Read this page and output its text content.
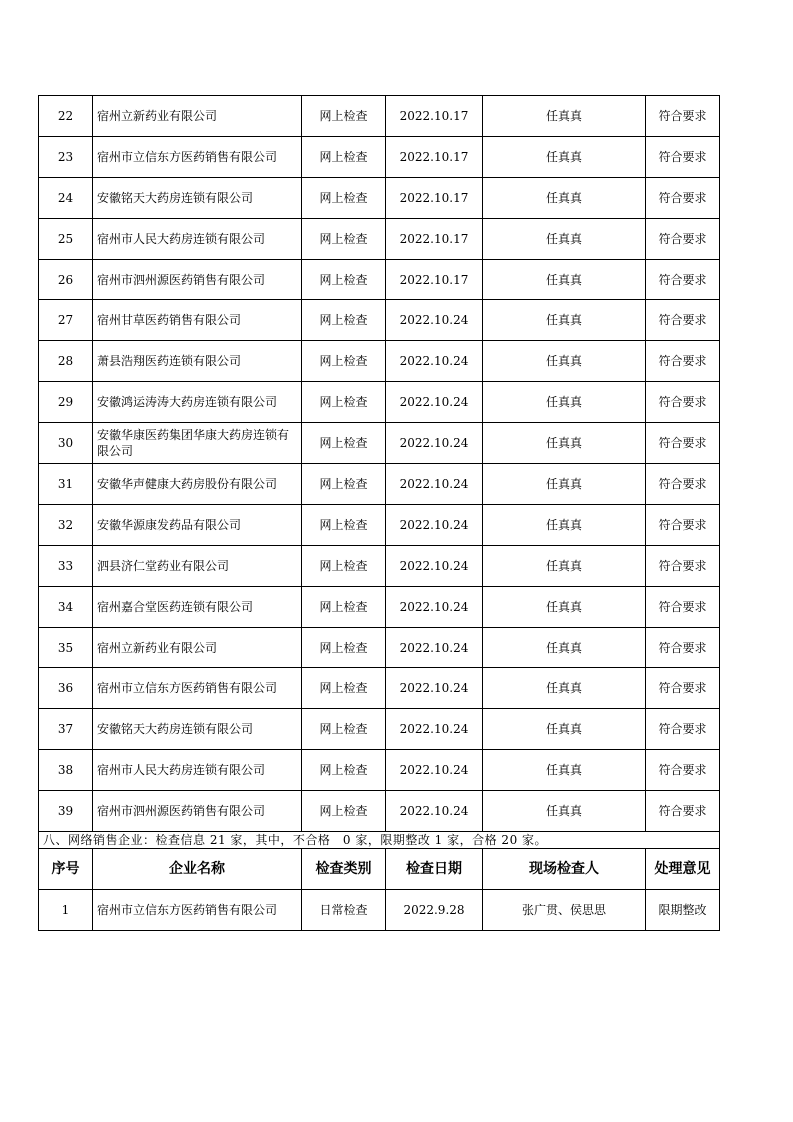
22	宿州立新药业有限公司	网上检查	2022.10.17	任真真	符合要求
23	宿州市立信东方医药销售有限公司	网上检查	2022.10.17	任真真	符合要求
24	安徽铭天大药房连锁有限公司	网上检查	2022.10.17	任真真	符合要求
25	宿州市人民大药房连锁有限公司	网上检查	2022.10.17	任真真	符合要求
26	宿州市泗州源医药销售有限公司	网上检查	2022.10.17	任真真	符合要求
27	宿州甘草医药销售有限公司	网上检查	2022.10.24	任真真	符合要求
28	萧县浩翔医药连锁有限公司	网上检查	2022.10.24	任真真	符合要求
29	安徽鸿运涛涛大药房连锁有限公司	网上检查	2022.10.24	任真真	符合要求
30	安徽华康医药集团华康大药房连锁有限公司	网上检查	2022.10.24	任真真	符合要求
31	安徽华声健康大药房股份有限公司	网上检查	2022.10.24	任真真	符合要求
32	安徽华源康发药品有限公司	网上检查	2022.10.24	任真真	符合要求
33	泗县济仁堂药业有限公司	网上检查	2022.10.24	任真真	符合要求
34	宿州嘉合堂医药连锁有限公司	网上检查	2022.10.24	任真真	符合要求
35	宿州立新药业有限公司	网上检查	2022.10.24	任真真	符合要求
36	宿州市立信东方医药销售有限公司	网上检查	2022.10.24	任真真	符合要求
37	安徽铭天大药房连锁有限公司	网上检查	2022.10.24	任真真	符合要求
38	宿州市人民大药房连锁有限公司	网上检查	2022.10.24	任真真	符合要求
39	宿州市泗州源医药销售有限公司	网上检查	2022.10.24	任真真	符合要求
八、网络销售企业：检查信息 21 家，其中，不合格　0 家，限期整改 1 家，合格 20 家。					
序号	企业名称	检查类别	检查日期	现场检查人	处理意见
1	宿州市立信东方医药销售有限公司	日常检查	2022.9.28	张广贯、侯思思	限期整改
